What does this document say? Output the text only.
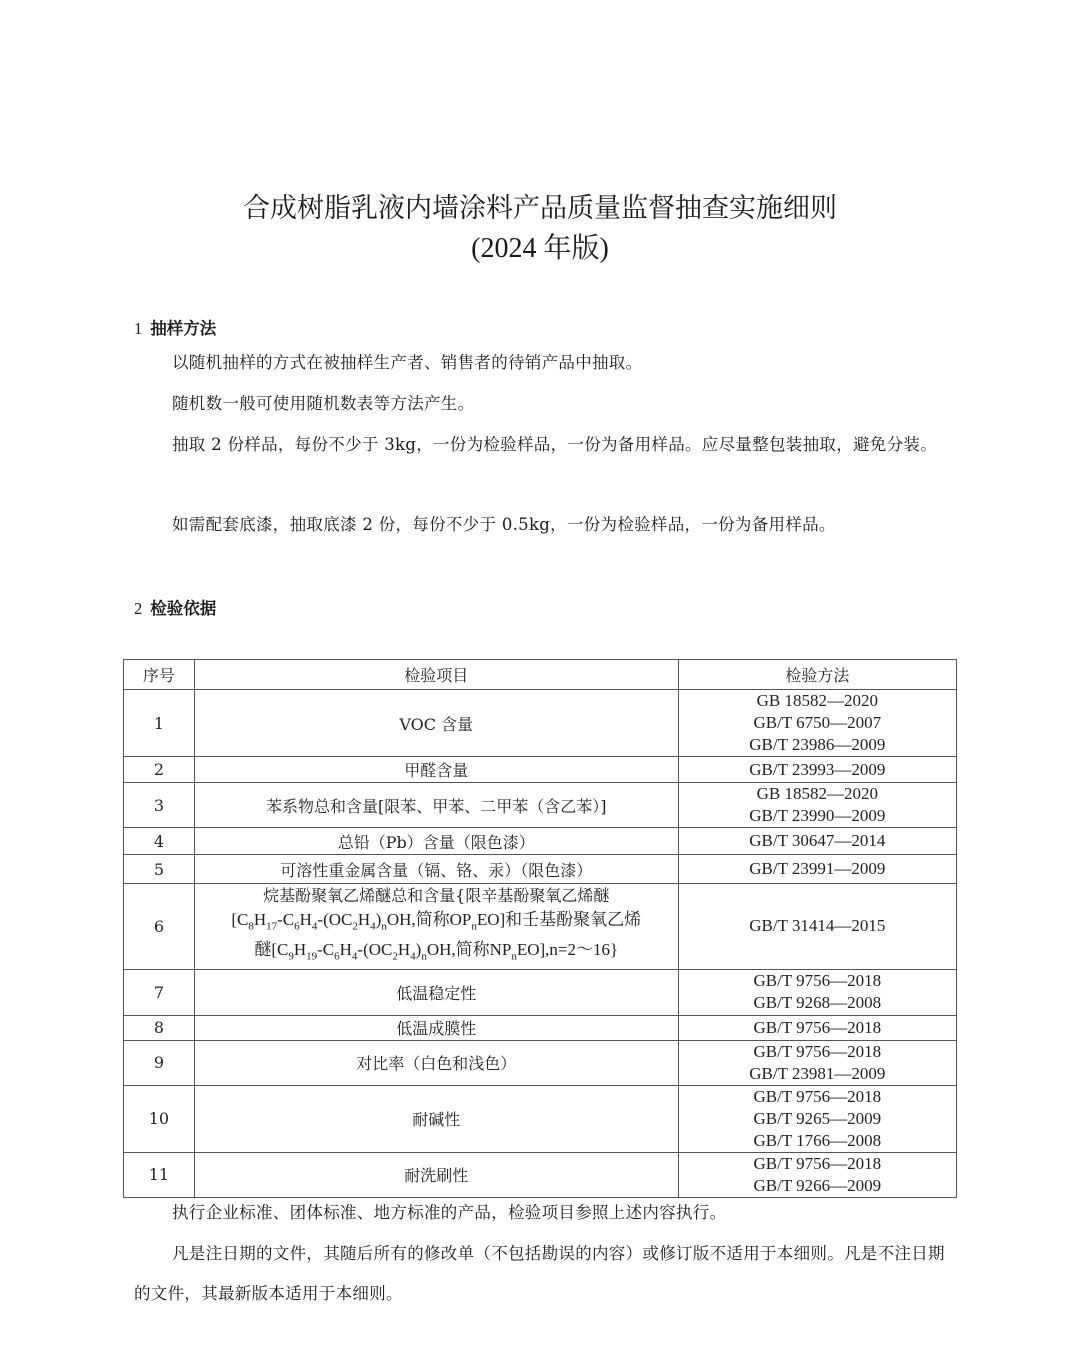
合成树脂乳液内墙涂料产品质量监督抽查实施细则
(2024 年版)
1 抽样方法
以随机抽样的方式在被抽样生产者、销售者的待销产品中抽取。
随机数一般可使用随机数表等方法产生。
抽取 2 份样品，每份不少于 3kg，一份为检验样品，一份为备用样品。应尽量整包装抽取，避免分装。
如需配套底漆，抽取底漆 2 份，每份不少于 0.5kg，一份为检验样品，一份为备用样品。
2 检验依据
序号	检验项目	检验方法
1	VOC 含量	GB 18582—2020
GB/T 6750—2007
GB/T 23986—2009

2	甲醛含量	GB/T 23993—2009

3	苯系物总和含量[限苯、甲苯、二甲苯（含乙苯）]	GB 18582—2020
GB/T 23990—2009

4	总铅（Pb）含量（限色漆）	GB/T 30647—2014

5	可溶性重金属含量（镉、铬、汞）（限色漆）	GB/T 23991—2009

6	烷基酚聚氧乙烯醚总和含量{限辛基酚聚氧乙烯醚
[$C_8H_{17}-C_6H_4-(OC_2H_4)_nOH$,简称$OP_nEO$]和壬基酚聚氧乙烯
醚[$C_9H_{19}-C_6H_4-(OC_2H_4)_nOH$,简称$NP_nEO],n=2\sim 16$}	GB/T 31414—2015

7	低温稳定性	GB/T 9756—2018
GB/T 9268—2008

8	低温成膜性	GB/T 9756—2018

9	对比率（白色和浅色）	GB/T 9756—2018
GB/T 23981—2009

10	耐碱性	GB/T 9756—2018
GB/T 9265—2009
GB/T 1766—2008

11	耐洗刷性	GB/T 9756—2018
GB/T 9266—2009
执行企业标准、团体标准、地方标准的产品，检验项目参照上述内容执行。
凡是注日期的文件，其随后所有的修改单（不包括勘误的内容）或修订版不适用于本细则。凡是不注日期的文件，其最新版本适用于本细则。
